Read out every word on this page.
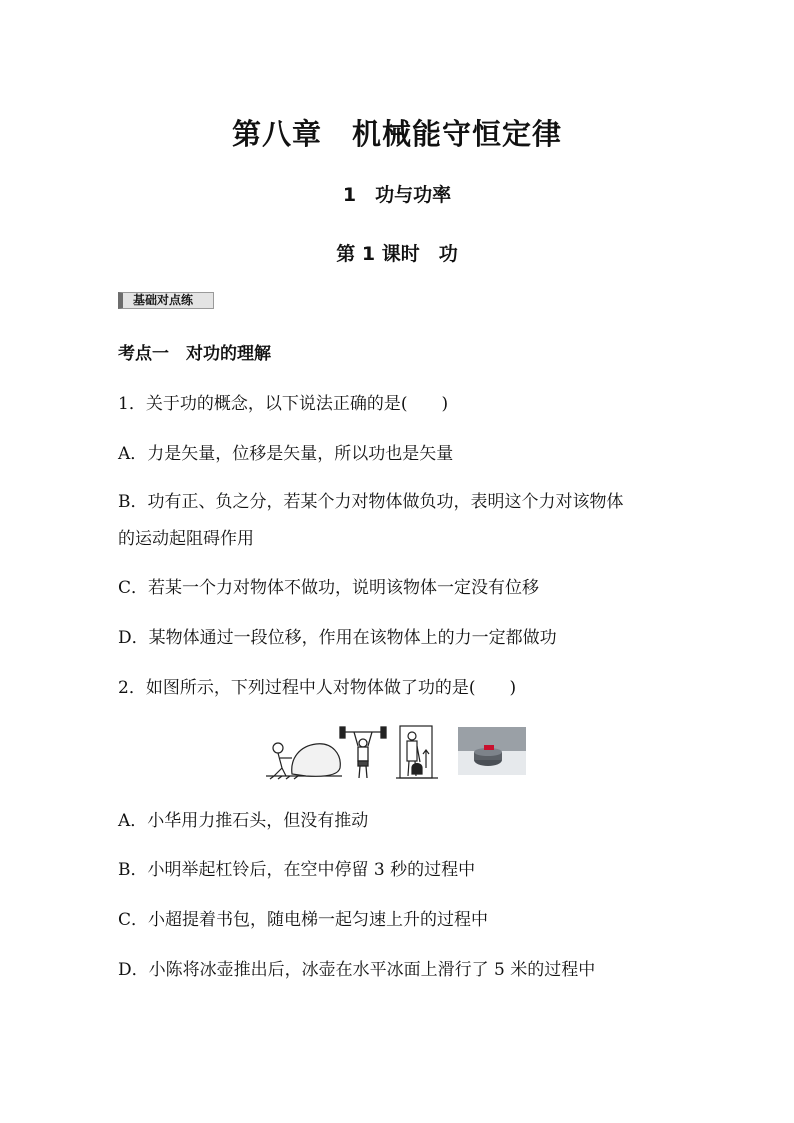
第八章　机械能守恒定律
1　功与功率
第 1 课时　功
基础对点练
考点一　对功的理解
1．关于功的概念，以下说法正确的是(　　)
A．力是矢量，位移是矢量，所以功也是矢量
B．功有正、负之分，若某个力对物体做负功，表明这个力对该物体
的运动起阻碍作用
C．若某一个力对物体不做功，说明该物体一定没有位移
D．某物体通过一段位移，作用在该物体上的力一定都做功
2．如图所示，下列过程中人对物体做了功的是(　　)
A．小华用力推石头，但没有推动
B．小明举起杠铃后，在空中停留 3 秒的过程中
C．小超提着书包，随电梯一起匀速上升的过程中
D．小陈将冰壶推出后，冰壶在水平冰面上滑行了 5 米的过程中
